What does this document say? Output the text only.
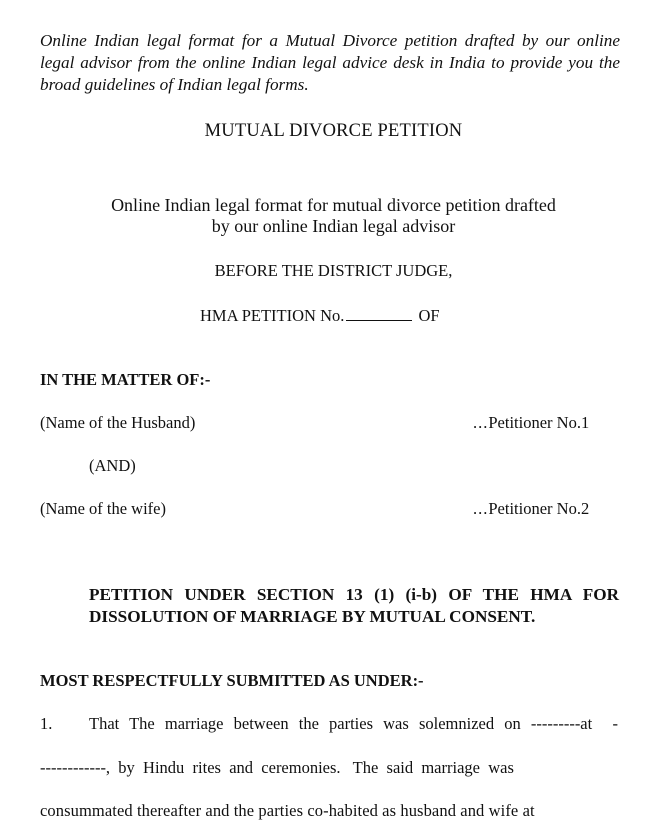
Online Indian legal format for a Mutual Divorce petition drafted by our online legal advisor from the online Indian legal advice desk in India to provide you the broad guidelines of Indian legal forms.

MUTUAL DIVORCE PETITION
Online Indian legal format for mutual divorce petition drafted
by our online Indian legal advisor
BEFORE THE DISTRICT JUDGE,
HMA PETITION No.	OF
IN THE MATTER OF:-
(Name of the Husband)	...Petitioner No.1
(AND)
(Name of the wife)	...Petitioner No.2

PETITION UNDER SECTION 13 (1) (i-b) OF THE HMA FOR DISSOLUTION OF MARRIAGE BY MUTUAL CONSENT.

MOST RESPECTFULLY SUBMITTED AS UNDER:-
1. That The marriage between the parties was solemnized on ---------at  -
------------,  by  Hindu  rites  and  ceremonies.   The  said  marriage  was
consummated thereafter and the parties co-habited as husband and wife at
